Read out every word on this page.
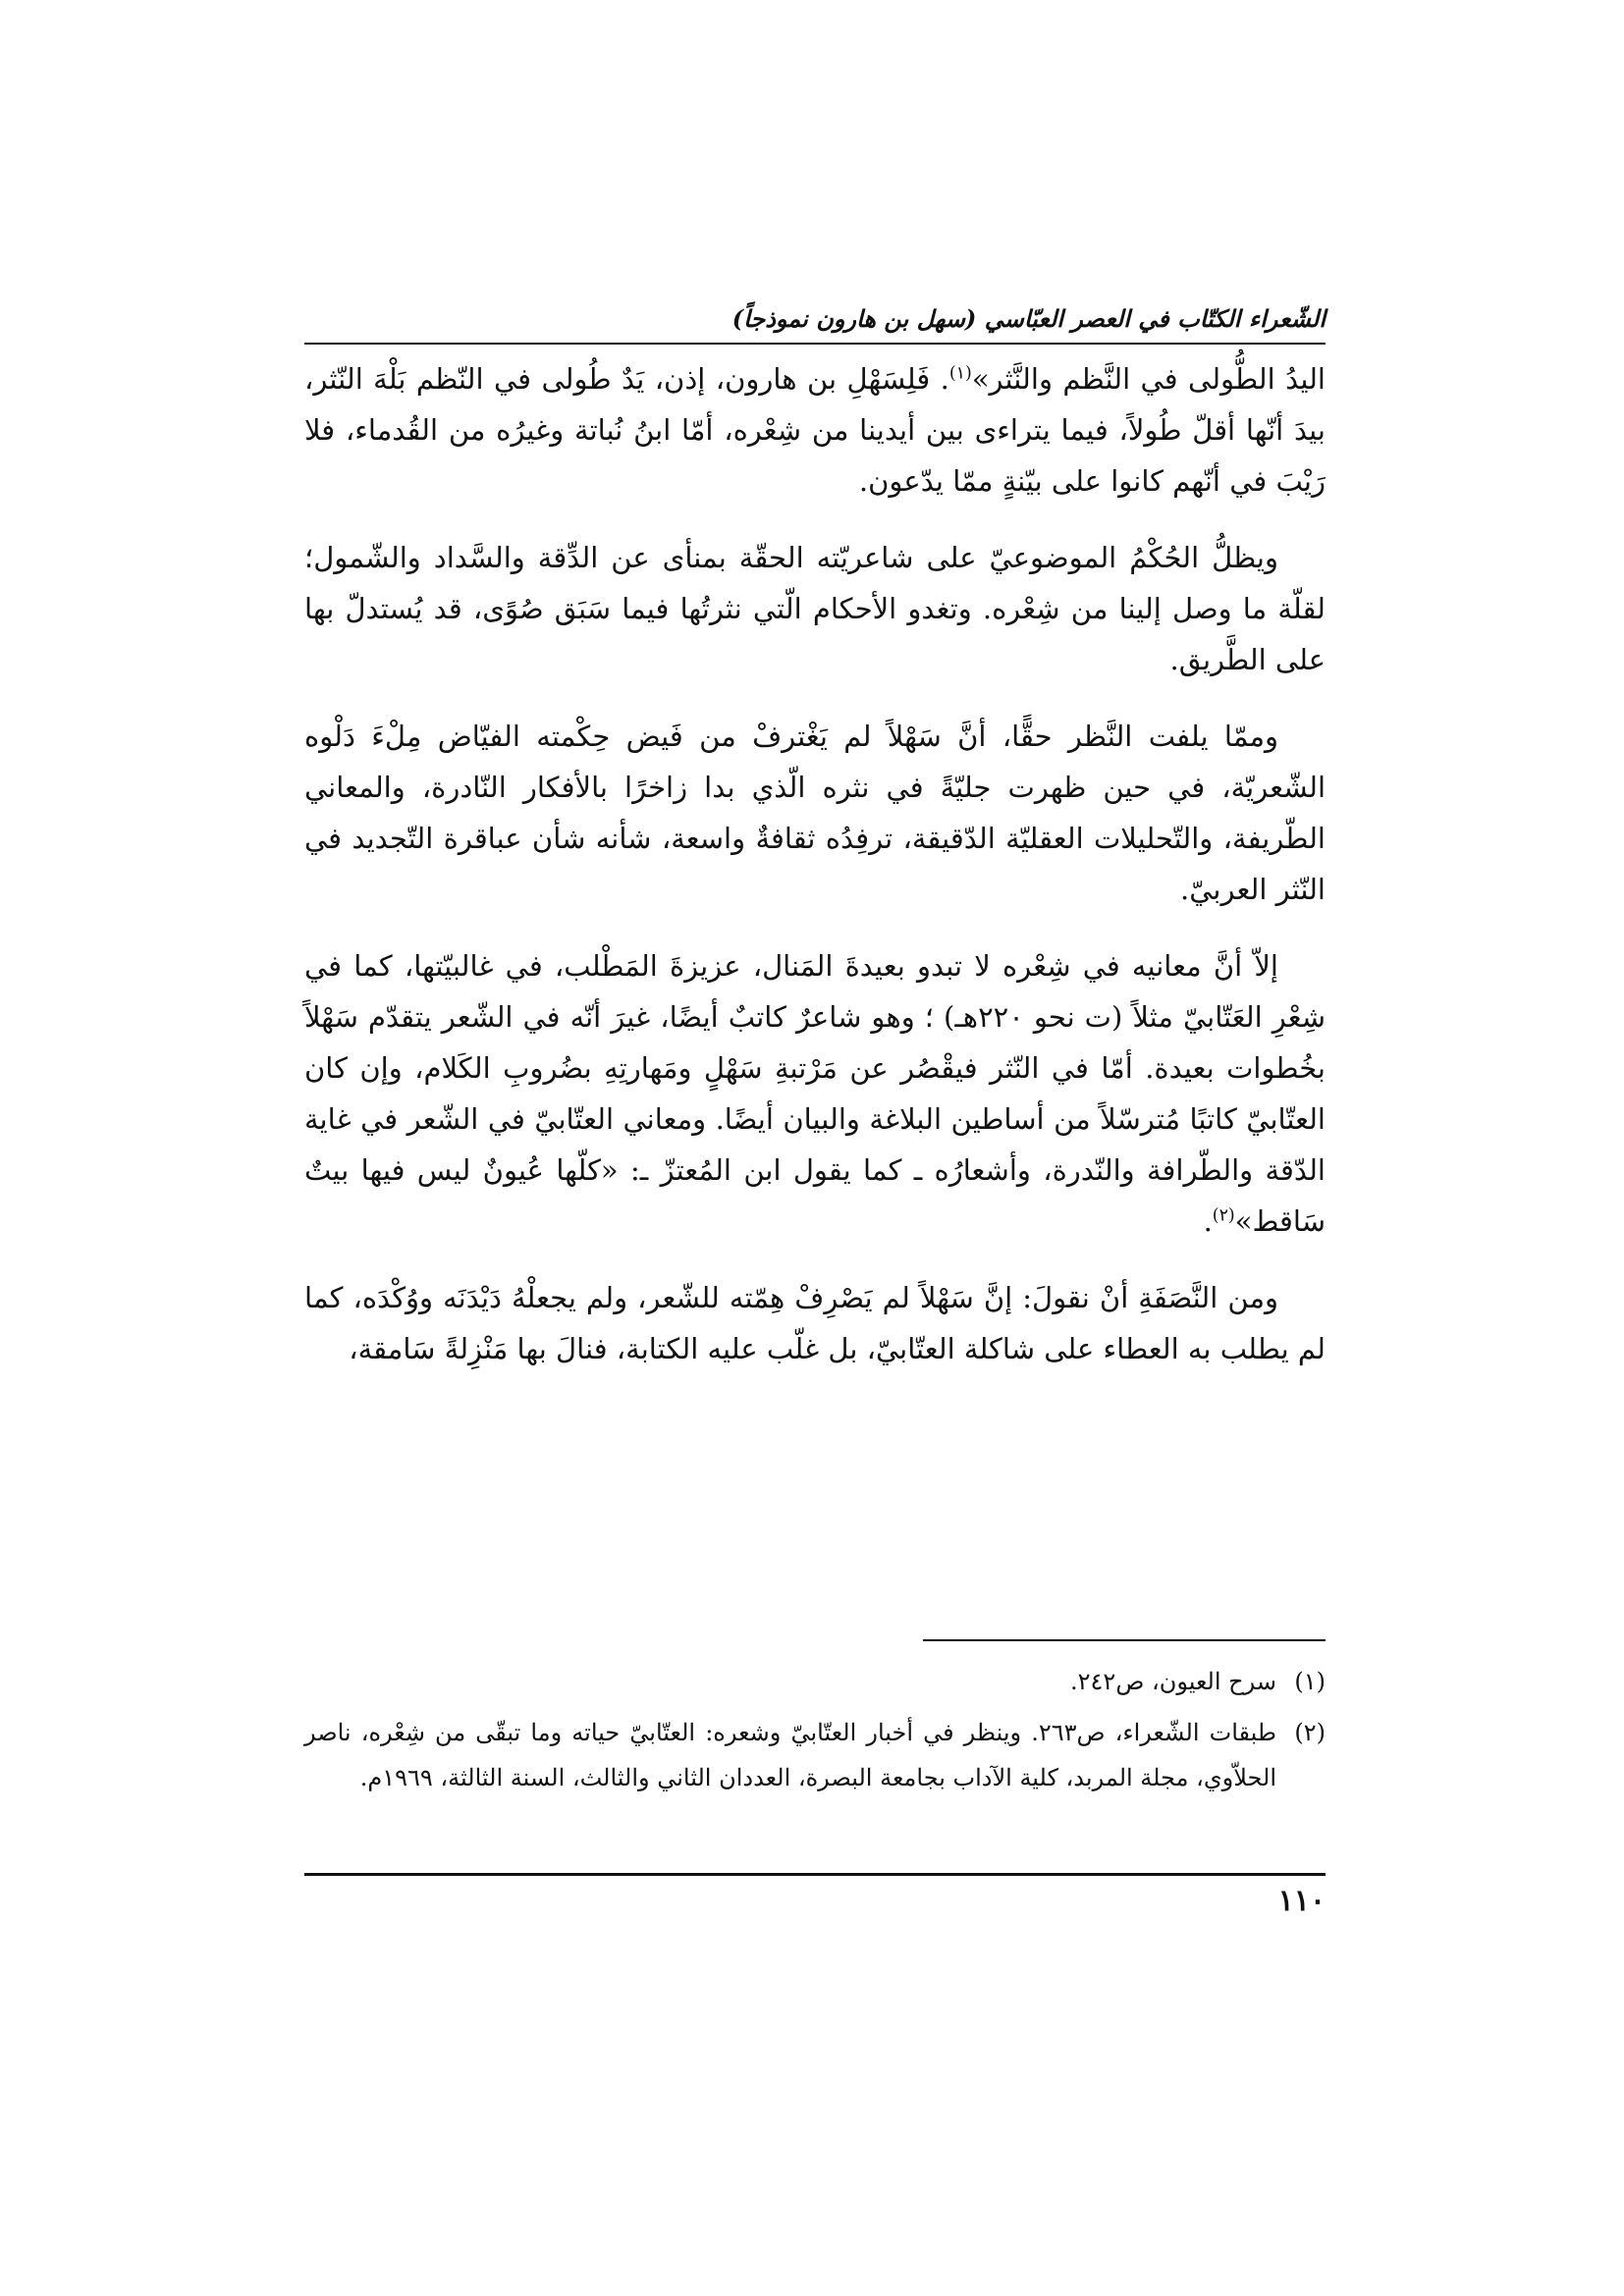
الشّعراء الكتّاب في العصر العبّاسي (سهل بن هارون نموذجاً)

اليدُ الطُّولى في النَّظم والنَّثر»$^{(١)}$. فَلِسَهْلِ بن هارون، إذن، يَدٌ طُولى في النّظم بَلْهَ النّثر، بيدَ أنّها أقلّ طُولاً، فيما يتراءى بين أيدينا من شِعْره، أمّا ابنُ نُباتة وغيرُه من القُدماء، فلا رَيْبَ في أنّهم كانوا على بيّنةٍ ممّا يدّعون.

ويظلُّ الحُكْمُ الموضوعيّ على شاعريّته الحقّة بمنأى عن الدِّقة والسَّداد والشّمول؛ لقلّة ما وصل إلينا من شِعْره. وتغدو الأحكام الّتي نثرتُها فيما سَبَق صُوًى، قد يُستدلّ بها على الطَّريق.

وممّا يلفت النَّظر حقًّا، أنَّ سَهْلاً لم يَغْترفْ من فَيض حِكْمته الفيّاض مِلْءَ دَلْوه الشّعريّة، في حين ظهرت جليّةً في نثره الّذي بدا زاخرًا بالأفكار النّادرة، والمعاني الطّريفة، والتّحليلات العقليّة الدّقيقة، ترفِدُه ثقافةٌ واسعة، شأنه شأن عباقرة التّجديد في النّثر العربيّ.

إلاّ أنَّ معانيه في شِعْره لا تبدو بعيدةَ المَنال، عزيزةَ المَطْلب، في غالبيّتها، كما في شِعْرِ العَتّابيّ مثلاً (ت نحو ٢٢٠هـ) ؛ وهو شاعرٌ كاتبٌ أيضًا، غيرَ أنّه في الشّعر يتقدّم سَهْلاً بخُطوات بعيدة. أمّا في النّثر فيقْصُر عن مَرْتبةِ سَهْلٍ ومَهارتِهِ بضُروبِ الكَلام، وإن كان العتّابيّ كاتبًا مُترسّلاً من أساطين البلاغة والبيان أيضًا. ومعاني العتّابيّ في الشّعر في غاية الدّقة والطّرافة والنّدرة، وأشعارُه ـ كما يقول ابن المُعتزّ ـ: «كلّها عُيونٌ ليس فيها بيتٌ سَاقط»$^{(٢)}$.

ومن النَّصَفَةِ أنْ نقولَ: إنَّ سَهْلاً لم يَصْرِفْ هِمّته للشّعر، ولم يجعلْهُ دَيْدَنَه ووُكْدَه، كما لم يطلب به العطاء على شاكلة العتّابيّ، بل غلّب عليه الكتابة، فنالَ بها مَنْزِلةً سَامقة،

(١)
سرح العيون، ص٢٤٢.
(٢)
طبقات الشّعراء، ص٢٦٣. وينظر في أخبار العتّابيّ وشعره: العتّابيّ حياته وما تبقّى من شِعْره، ناصر الحلاّوي، مجلة المربد، كلية الآداب بجامعة البصرة، العددان الثاني والثالث، السنة الثالثة، ١٩٦٩م.
١١٠
